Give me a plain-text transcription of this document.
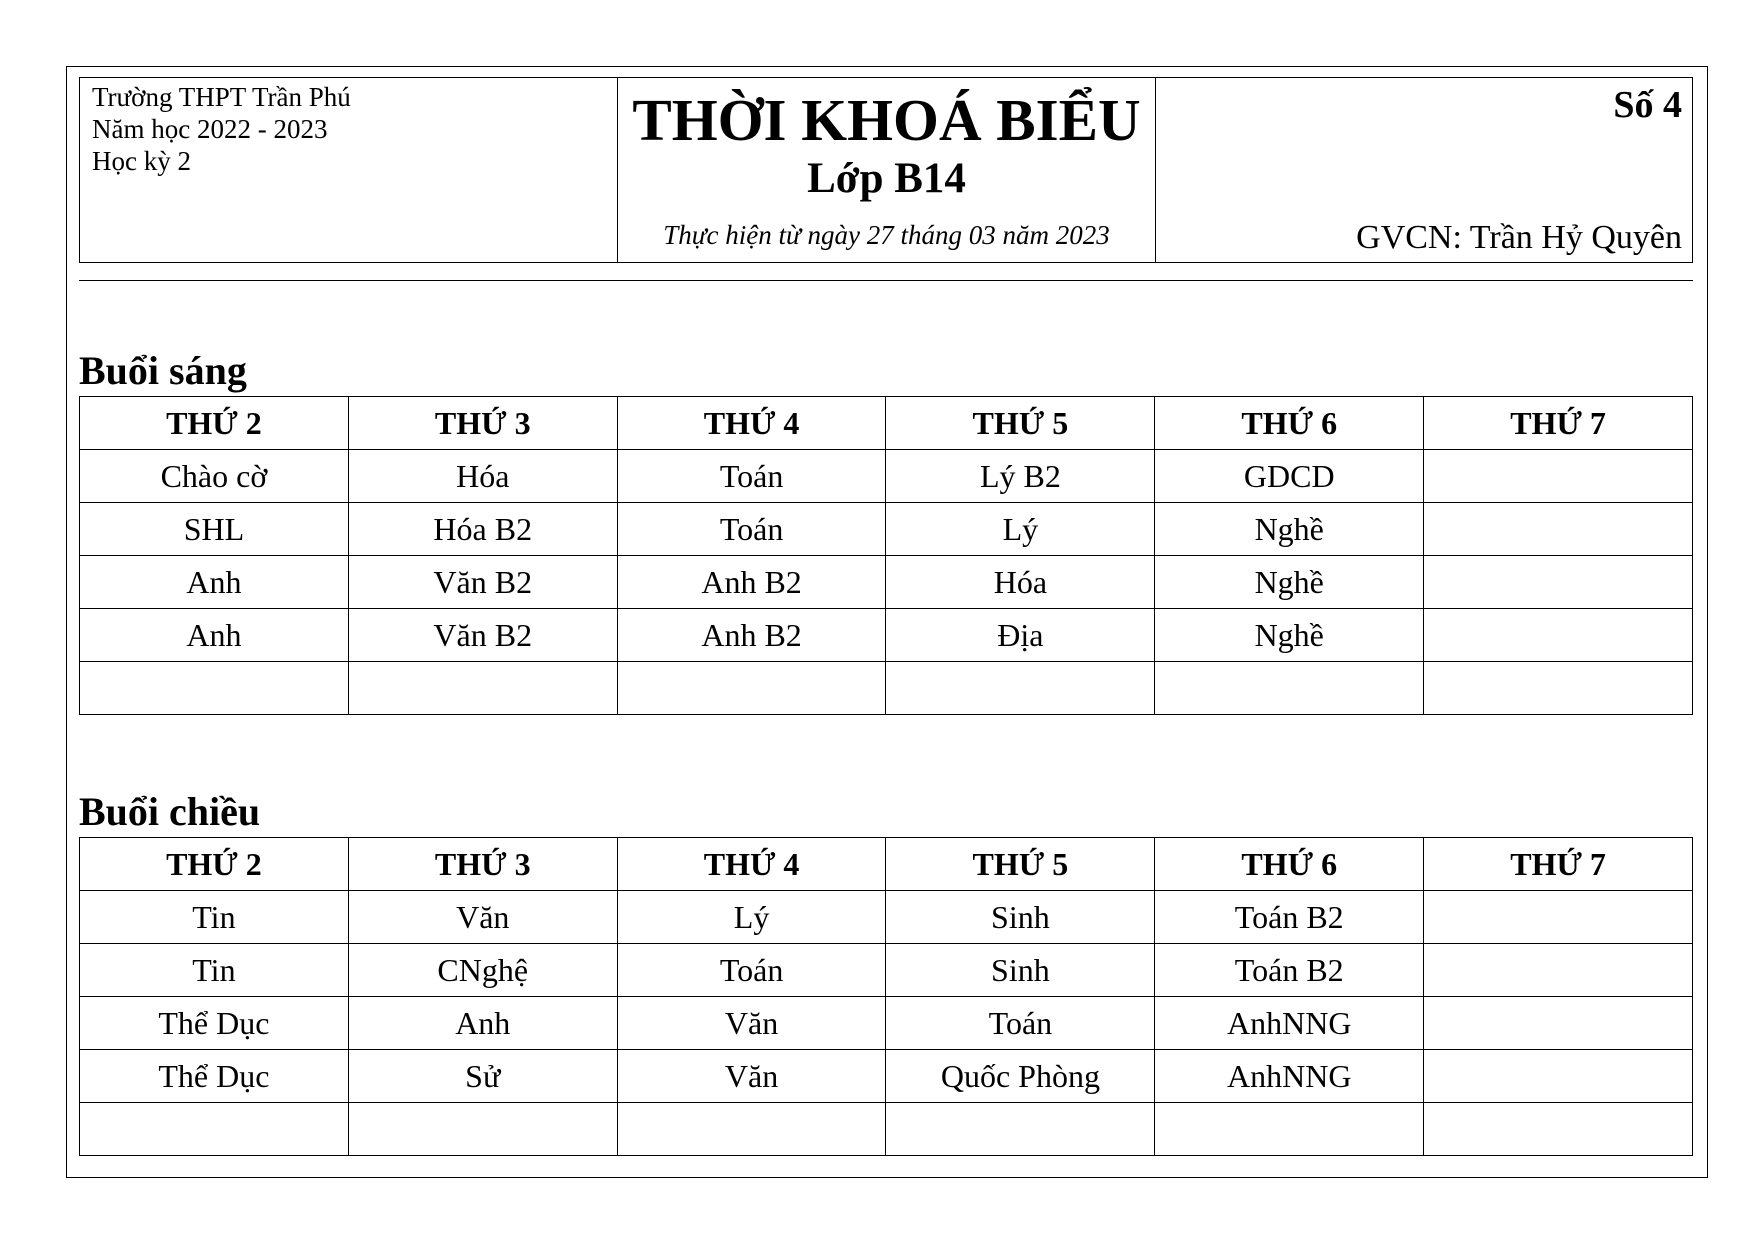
Trường THPT Trần Phú
Năm học 2022 - 2023
Học kỳ 2
THỜI KHOÁ BIỂU
Lớp B14
Thực hiện từ ngày 27 tháng 03 năm 2023
Số 4
GVCN: Trần Hỷ Quyên
Buổi sáng
THỨ 2	THỨ 3	THỨ 4	THỨ 5	THỨ 6	THỨ 7
Chào cờ	Hóa	Toán	Lý B2	GDCD	
SHL	Hóa B2	Toán	Lý	Nghề	
Anh	Văn B2	Anh B2	Hóa	Nghề	
Anh	Văn B2	Anh B2	Địa	Nghề	

Buổi chiều
THỨ 2	THỨ 3	THỨ 4	THỨ 5	THỨ 6	THỨ 7
Tin	Văn	Lý	Sinh	Toán B2	
Tin	CNghệ	Toán	Sinh	Toán B2	
Thể Dục	Anh	Văn	Toán	AnhNNG	
Thể Dục	Sử	Văn	Quốc Phòng	AnhNNG	
